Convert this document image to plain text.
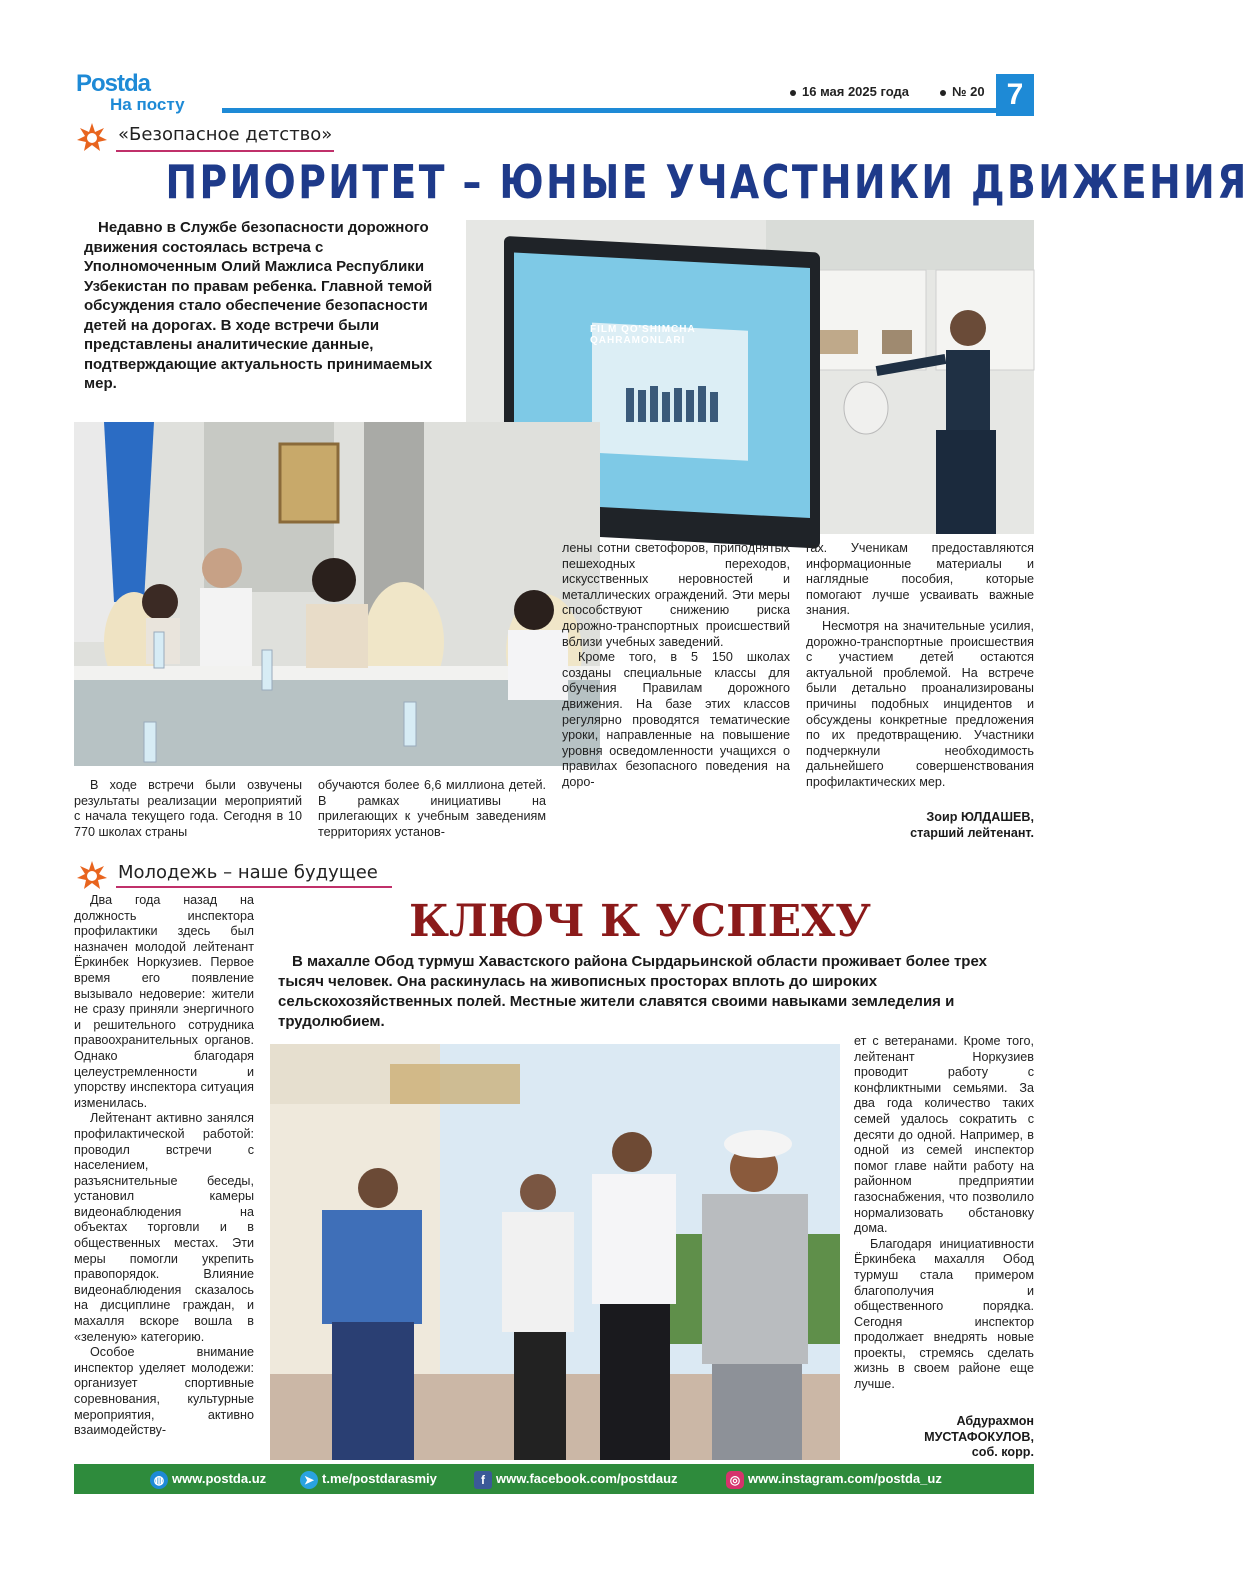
Postda
На посту
16 мая 2025 года	№ 20 7
«Безопасное детство»
ПРИОРИТЕТ – ЮНЫЕ УЧАСТНИКИ ДВИЖЕНИЯ
Недавно в Службе безопасности дорожного движения состоялась встреча с Уполномоченным Олий Мажлиса Республики Узбекистан по правам ребенка. Главной темой обсуждения стало обеспечение безопасности детей на дорогах. В ходе встречи были представлены аналитические данные, подтверждающие актуальность принимаемых мер.
FILM QO'SHIMCHA QAHRAMONLARI

В ходе встречи были озвучены результаты реализации мероприятий с начала текущего года. Сегодня в 10 770 школах страны

обучаются более 6,6 миллиона детей. В рамках инициативы на прилегающих к учебным заведениям территориях установ-

лены сотни светофоров, приподнятых пешеходных переходов, искусственных неровностей и металлических ограждений. Эти меры способствуют снижению риска дорожно-транспортных происшествий вблизи учебных заведений.

Кроме того, в 5 150 школах созданы специальные классы для обучения Правилам дорожного движения. На базе этих классов регулярно проводятся тематические уроки, направленные на повышение уровня осведомленности учащихся о правилах безопасного поведения на доро-

гах. Ученикам предоставляются информационные материалы и наглядные пособия, которые помогают лучше усваивать важные знания.

Несмотря на значительные усилия, дорожно-транспортные происшествия с участием детей остаются актуальной проблемой. На встрече были детально проанализированы причины подобных инцидентов и обсуждены конкретные предложения по их предотвращению. Участники подчеркнули необходимость дальнейшего совершенствования профилактических мер.

Зоир ЮЛДАШЕВ,
старший лейтенант.
Молодежь – наше будущее
КЛЮЧ К УСПЕХУ
В махалле Обод турмуш Хавастского района Сырдарьинской области проживает более трех тысяч человек. Она раскинулась на живописных просторах вплоть до широких сельскохозяйственных полей. Местные жители славятся своими навыками земледелия и трудолюбием.

Два года назад на должность инспектора профилактики здесь был назначен молодой лейтенант Ёркинбек Норкузиев. Первое время его появление вызывало недоверие: жители не сразу приняли энергичного и решительного сотрудника правоохранительных органов. Однако благодаря целеустремленности и упорству инспектора ситуация изменилась.

Лейтенант активно занялся профилактической работой: проводил встречи с населением, разъяснительные беседы, установил камеры видеонаблюдения на объектах торговли и в общественных местах. Эти меры помогли укрепить правопорядок. Влияние видеонаблюдения сказалось на дисциплине граждан, и махалля вскоре вошла в «зеленую» категорию.

Особое внимание инспектор уделяет молодежи: организует спортивные соревнования, культурные мероприятия, активно взаимодейству-

ет с ветеранами. Кроме того, лейтенант Норкузиев проводит работу с конфликтными семьями. За два года количество таких семей удалось сократить с десяти до одной. Например, в одной из семей инспектор помог главе найти работу на районном предприятии газоснабжения, что позволило нормализовать обстановку дома.

Благодаря инициативности Ёркинбека махалля Обод турмуш стала примером благополучия и общественного порядка. Сегодня инспектор продолжает внедрять новые проекты, стремясь сделать жизнь в своем районе еще лучше.

Абдурахмон
МУСТАФОКУЛОВ,
соб. корр.
◍ www.postda.uz	➤ t.me/postdarasmiy	f www.facebook.com/postdauz	◎ www.instagram.com/postda_uz
